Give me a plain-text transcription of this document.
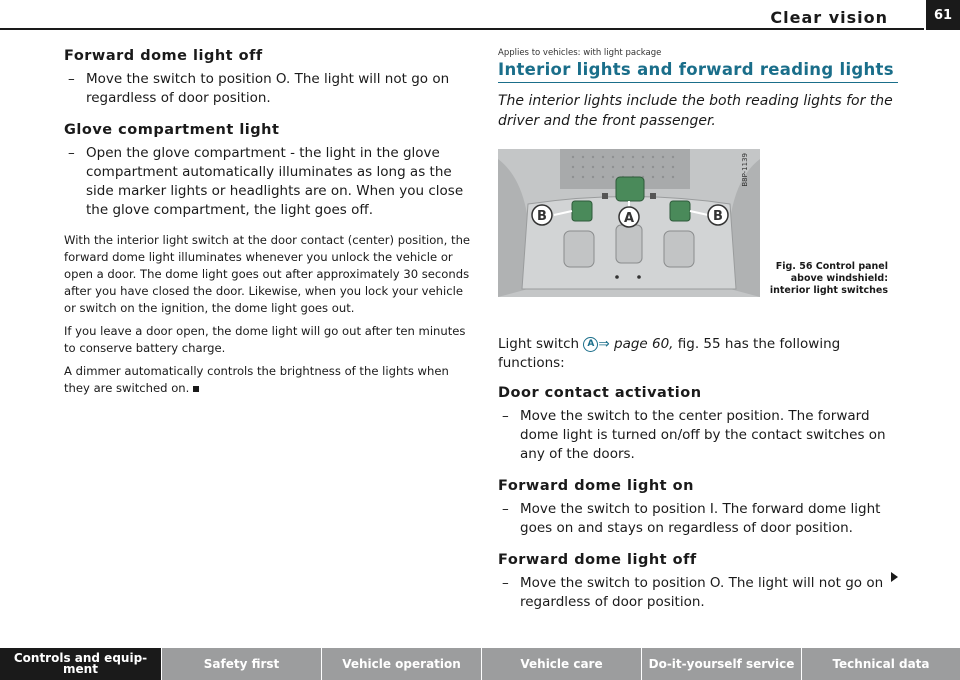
Clear vision	61
Forward dome light off
– Move the switch to position O. The light will not go on regardless of door position.
Glove compartment light
– Open the glove compartment - the light in the glove compartment automatically illuminates as long as the side marker lights or headlights are on. When you close the glove compartment, the light goes off.

With the interior light switch at the door contact (center) position, the forward dome light illuminates whenever you unlock the vehicle or open a door. The dome light goes out after approximately 30 seconds after you have closed the door. Likewise, when you lock your vehicle or switch on the ignition, the dome light goes out.

If you leave a door open, the dome light will go out after ten minutes to conserve battery charge.

A dimmer automatically controls the brightness of the lights when they are switched on.

Applies to vehicles: with light package
Interior lights and forward reading lights

The interior lights include the both reading lights for the driver and the front passenger.

A
B	B
B8P-1139
Fig. 56 Control panel above windshield: interior light switches

Light switch A ⇒ page 60, fig. 55 has the following functions:

Door contact activation
– Move the switch to the center position. The forward dome light is turned on/off by the contact switches on any of the doors.
Forward dome light on
– Move the switch to position I. The forward dome light goes on and stays on regardless of door position.
Forward dome light off
– Move the switch to position O. The light will not go on regardless of door position.
Controls and equip- ment	Safety first	Vehicle operation	Vehicle care	Do-it-yourself service	Technical data
